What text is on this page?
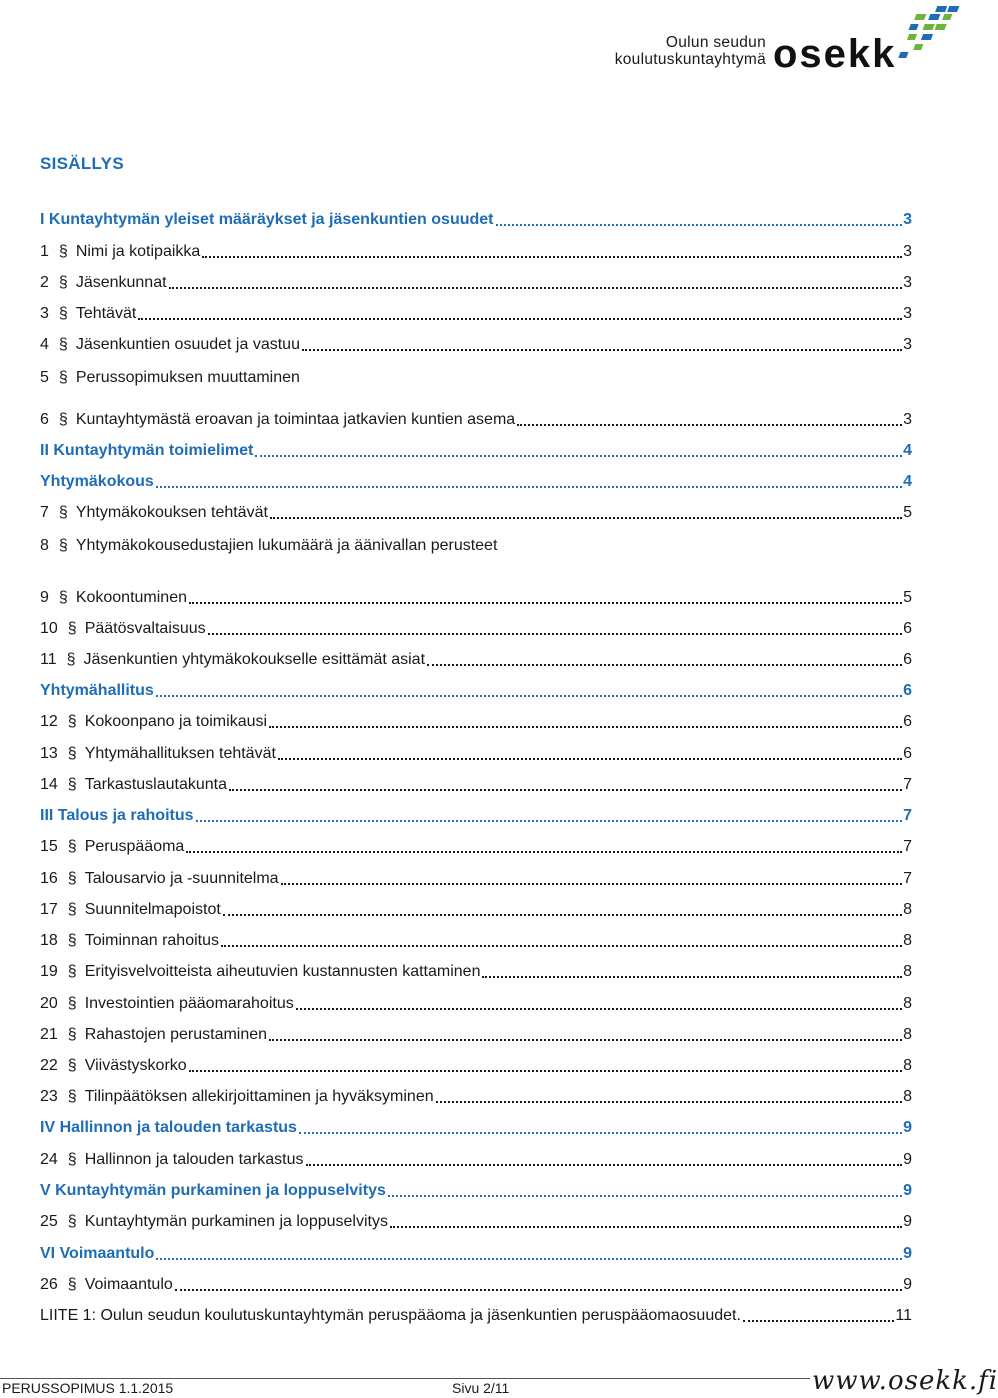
Oulun seudun
koulutuskuntayhtymä osekk
SISÄLLYS
I Kuntayhtymän yleiset määräykset ja jäsenkuntien osuudet	3
1 § Nimi ja kotipaikka	3
2 § Jäsenkunnat	3
3 § Tehtävät	3
4 § Jäsenkuntien osuudet ja vastuu	3
5 § Perussopimuksen muuttaminen
6 § Kuntayhtymästä eroavan ja toimintaa jatkavien kuntien asema	3
II Kuntayhtymän toimielimet	4
Yhtymäkokous	4
7 § Yhtymäkokouksen tehtävät	5
8 § Yhtymäkokousedustajien lukumäärä ja äänivallan perusteet
9 § Kokoontuminen	5
10 § Päätösvaltaisuus	6
11 § Jäsenkuntien yhtymäkokoukselle esittämät asiat	6
Yhtymähallitus	6
12 § Kokoonpano ja toimikausi	6
13 § Yhtymähallituksen tehtävät	6
14 § Tarkastuslautakunta	7
III Talous ja rahoitus	7
15 § Peruspääoma	7
16 § Talousarvio ja -suunnitelma	7
17 § Suunnitelmapoistot	8
18 § Toiminnan rahoitus	8
19 § Erityisvelvoitteista aiheutuvien kustannusten kattaminen	8
20 § Investointien pääomarahoitus	8
21 § Rahastojen perustaminen	8
22 § Viivästyskorko	8
23 § Tilinpäätöksen allekirjoittaminen ja hyväksyminen	8
IV Hallinnon ja talouden tarkastus	9
24 § Hallinnon ja talouden tarkastus	9
V Kuntayhtymän purkaminen ja loppuselvitys	9
25 § Kuntayhtymän purkaminen ja loppuselvitys	9
VI Voimaantulo	9
26 § Voimaantulo	9
LIITE 1: Oulun seudun koulutuskuntayhtymän peruspääoma ja jäsenkuntien peruspääomaosuudet.	11
PERUSSOPIMUS 1.1.2015	Sivu 2/11	www.osekk.fi
